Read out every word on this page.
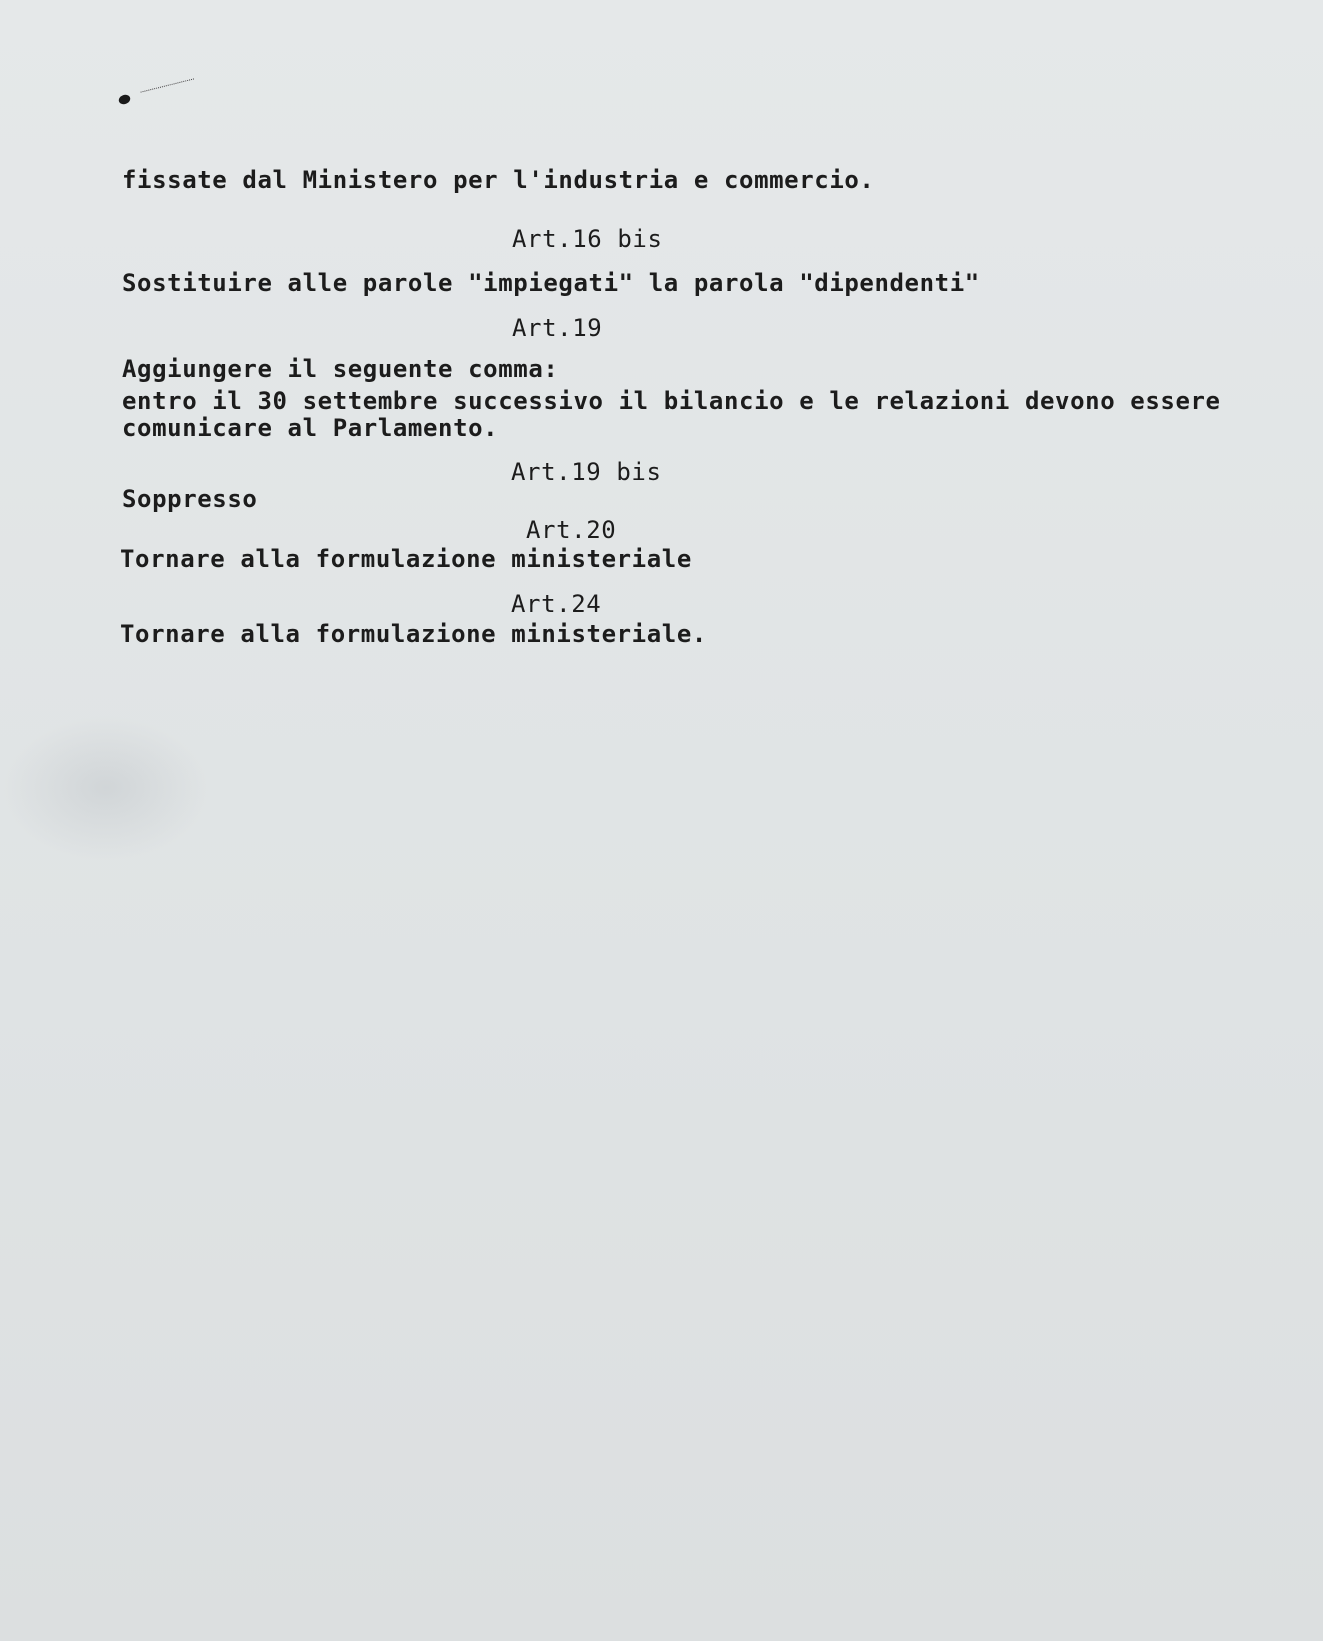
fissate dal Ministero per l'industria e commercio.
Art.16 bis
Sostituire alle parole "impiegati" la parola "dipendenti"
Art.19
Aggiungere il seguente comma:
entro il 30 settembre successivo il bilancio e le relazioni devono essere
comunicare al Parlamento.
Art.19 bis
Soppresso
Art.20
Tornare alla formulazione ministeriale
Art.24
Tornare alla formulazione ministeriale.
